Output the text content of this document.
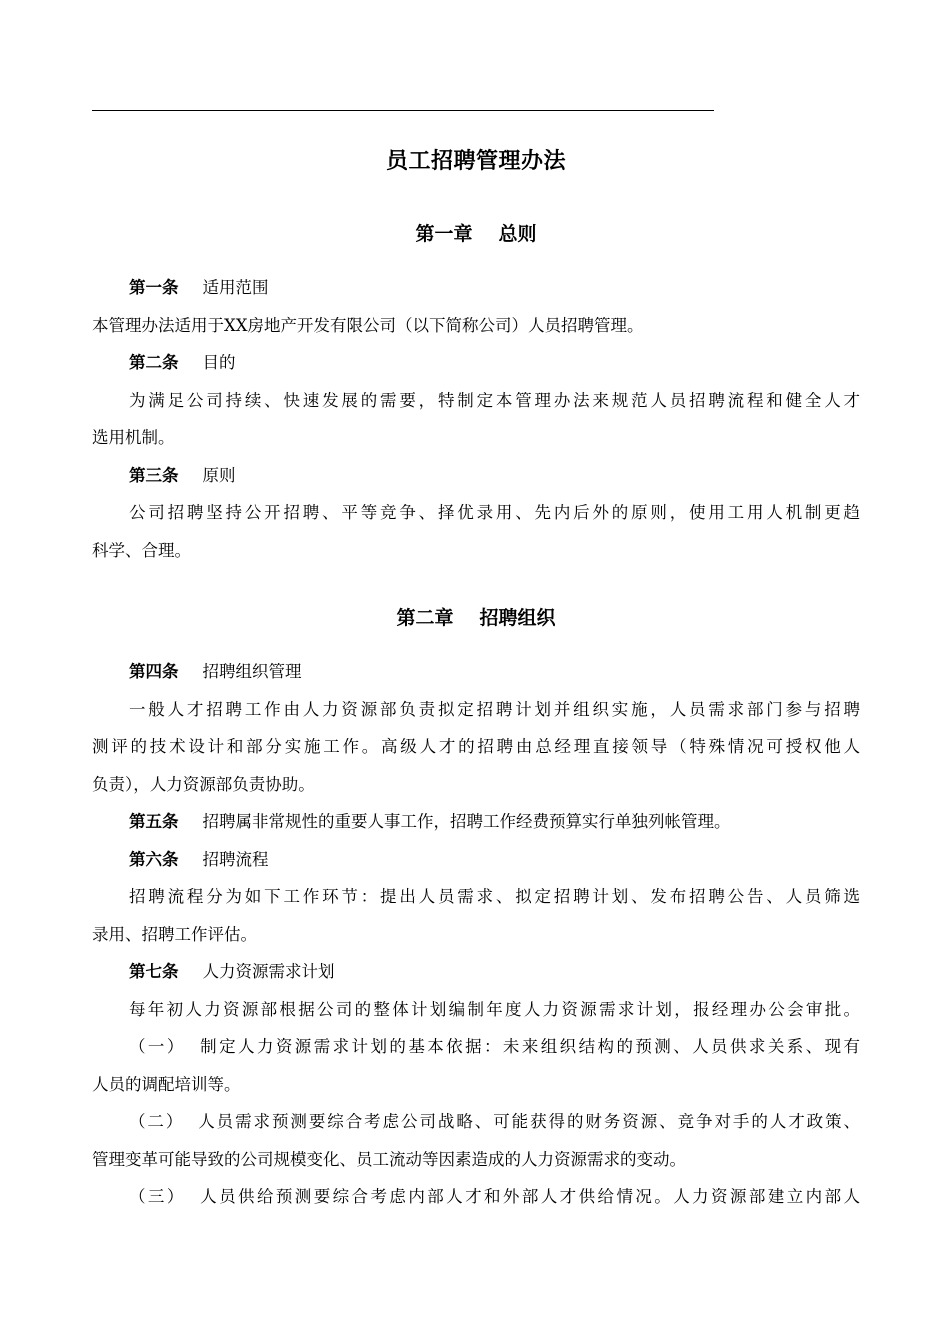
员工招聘管理办法
第一章 总则

第一条 适用范围

本管理办法适用于XX房地产开发有限公司（以下简称公司）人员招聘管理。

第二条 目的

为满足公司持续、快速发展的需要，特制定本管理办法来规范人员招聘流程和健全人才

选用机制。

第三条 原则

公司招聘坚持公开招聘、平等竞争、择优录用、先内后外的原则，使用工用人机制更趋

科学、合理。

第二章 招聘组织

第四条 招聘组织管理

一般人才招聘工作由人力资源部负责拟定招聘计划并组织实施，人员需求部门参与招聘

测评的技术设计和部分实施工作。高级人才的招聘由总经理直接领导（特殊情况可授权他人

负责），人力资源部负责协助。

第五条 招聘属非常规性的重要人事工作，招聘工作经费预算实行单独列帐管理。

第六条 招聘流程

招聘流程分为如下工作环节：提出人员需求、拟定招聘计划、发布招聘公告、人员筛选

录用、招聘工作评估。

第七条 人力资源需求计划

每年初人力资源部根据公司的整体计划编制年度人力资源需求计划，报经理办公会审批。

（一） 制定人力资源需求计划的基本依据：未来组织结构的预测、人员供求关系、现有

人员的调配培训等。

（二） 人员需求预测要综合考虑公司战略、可能获得的财务资源、竞争对手的人才政策、

管理变革可能导致的公司规模变化、员工流动等因素造成的人力资源需求的变动。

（三） 人员供给预测要综合考虑内部人才和外部人才供给情况。人力资源部建立内部人
